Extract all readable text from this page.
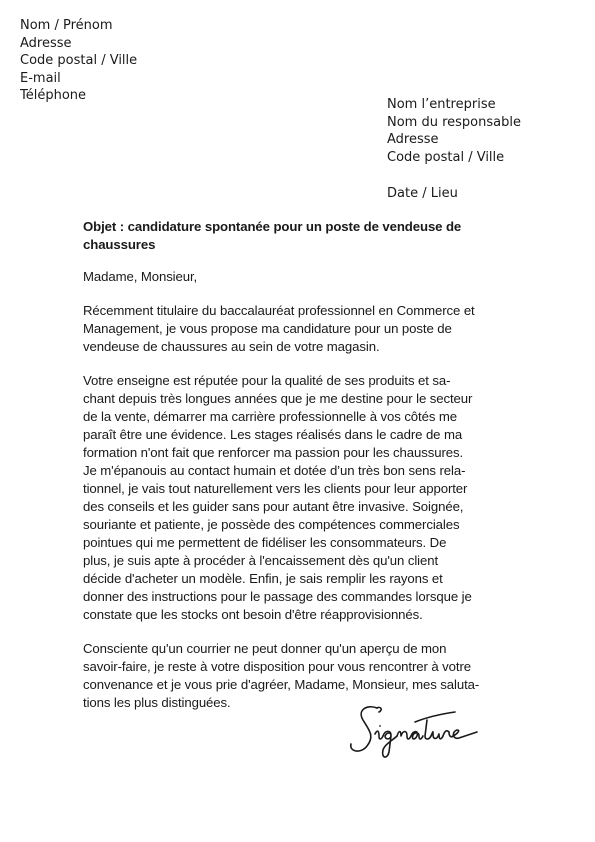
Nom / Prénom
Adresse
Code postal / Ville
E-mail
Téléphone
Nom l’entreprise
Nom du responsable
Adresse
Code postal / Ville
Date / Lieu
Objet : candidature spontanée pour un poste de vendeuse de
chaussures
Madame, Monsieur,
Récemment titulaire du baccalauréat professionnel en Commerce et
Management, je vous propose ma candidature pour un poste de
vendeuse de chaussures au sein de votre magasin.
Votre enseigne est réputée pour la qualité de ses produits et sa-
chant depuis très longues années que je me destine pour le secteur
de la vente, démarrer ma carrière professionnelle à vos côtés me
paraît être une évidence. Les stages réalisés dans le cadre de ma
formation n'ont fait que renforcer ma passion pour les chaussures.
Je m'épanouis au contact humain et dotée d’un très bon sens rela-
tionnel, je vais tout naturellement vers les clients pour leur apporter
des conseils et les guider sans pour autant être invasive. Soignée,
souriante et patiente, je possède des compétences commerciales
pointues qui me permettent de fidéliser les consommateurs. De
plus, je suis apte à procéder à l'encaissement dès qu'un client
décide d'acheter un modèle. Enfin, je sais remplir les rayons et
donner des instructions pour le passage des commandes lorsque je
constate que les stocks ont besoin d'être réapprovisionnés.
Consciente qu'un courrier ne peut donner qu'un aperçu de mon
savoir-faire, je reste à votre disposition pour vous rencontrer à votre
convenance et je vous prie d'agréer, Madame, Monsieur, mes saluta-
tions les plus distinguées.
